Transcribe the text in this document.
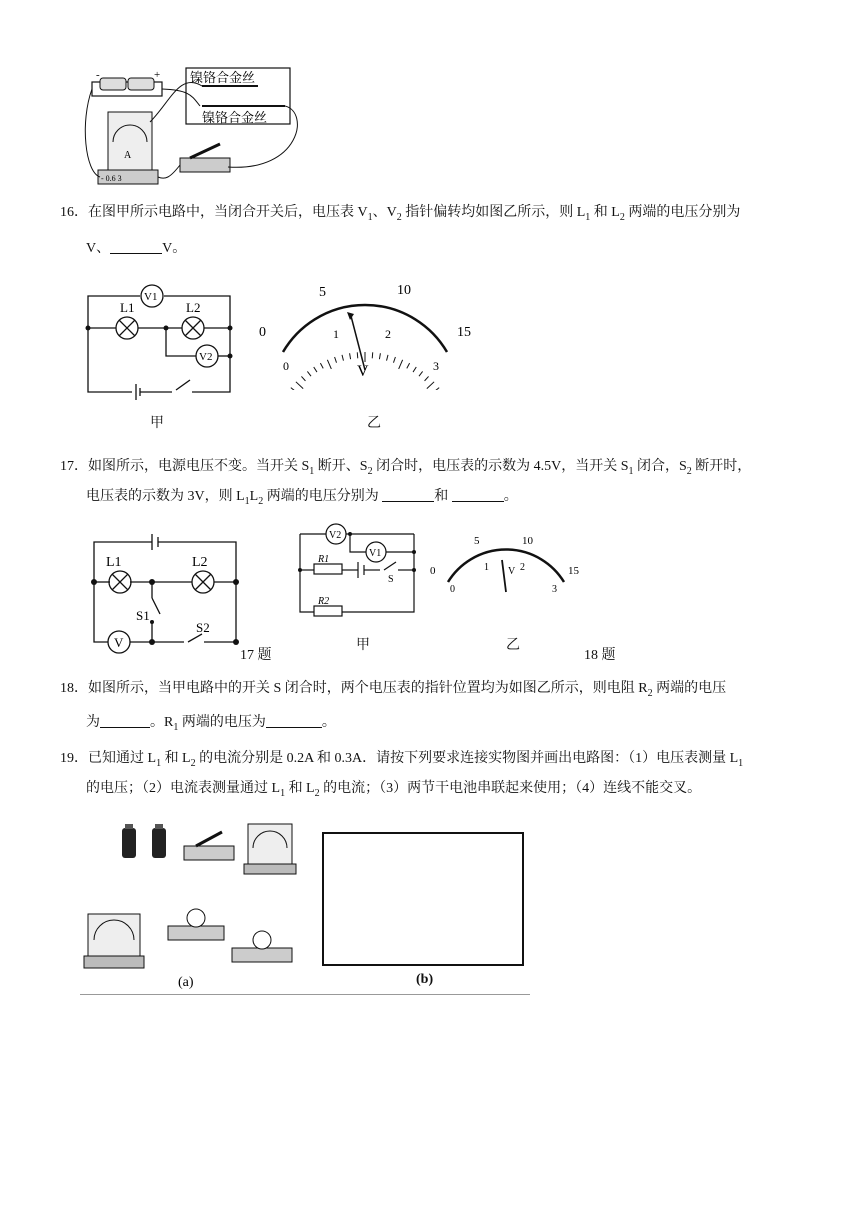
-	+ 镍铬合金丝
镍铬合金丝
A
- 0.6 3
16．在图甲所示电路中，当闭合开关后，电压表 $V_1$、$V_2$ 指针偏转均如图乙所示，则 $L_1$ 和 $L_2$ 两端的电压分别为
V、	V。
V1
V2
L1	L2
甲
0
5	10
15
0
1	2
3
V
乙
17．如图所示，电源电压不变。当开关 $S_1$ 断开、$S_2$ 闭合时，电压表的示数为 4.5V，当开关 $S_1$ 闭合，$S_2$ 断开时，
电压表的示数为 3V，则 $L_1L_2$ 两端的电压分别为	和	。
L1	L2
S1
S2
V
17 题
V2
V1
R1
R2
S
甲
0
5	10
15
0
1	2
3
V
乙
18 题
18．如图所示，当甲电路中的开关 S 闭合时，两个电压表的指针位置均为如图乙所示，则电阻 $R_2$ 两端的电压
为	。$R_1$ 两端的电压为	。
19．已知通过 $L_1$ 和 $L_2$ 的电流分别是 0.2A 和 0.3A．请按下列要求连接实物图并画出电路图：（1）电压表测量 $L_1$
的电压；（2）电流表测量通过 $L_1$ 和 $L_2$ 的电流；（3）两节干电池串联起来使用；（4）连线不能交叉。
(a)	(b)
